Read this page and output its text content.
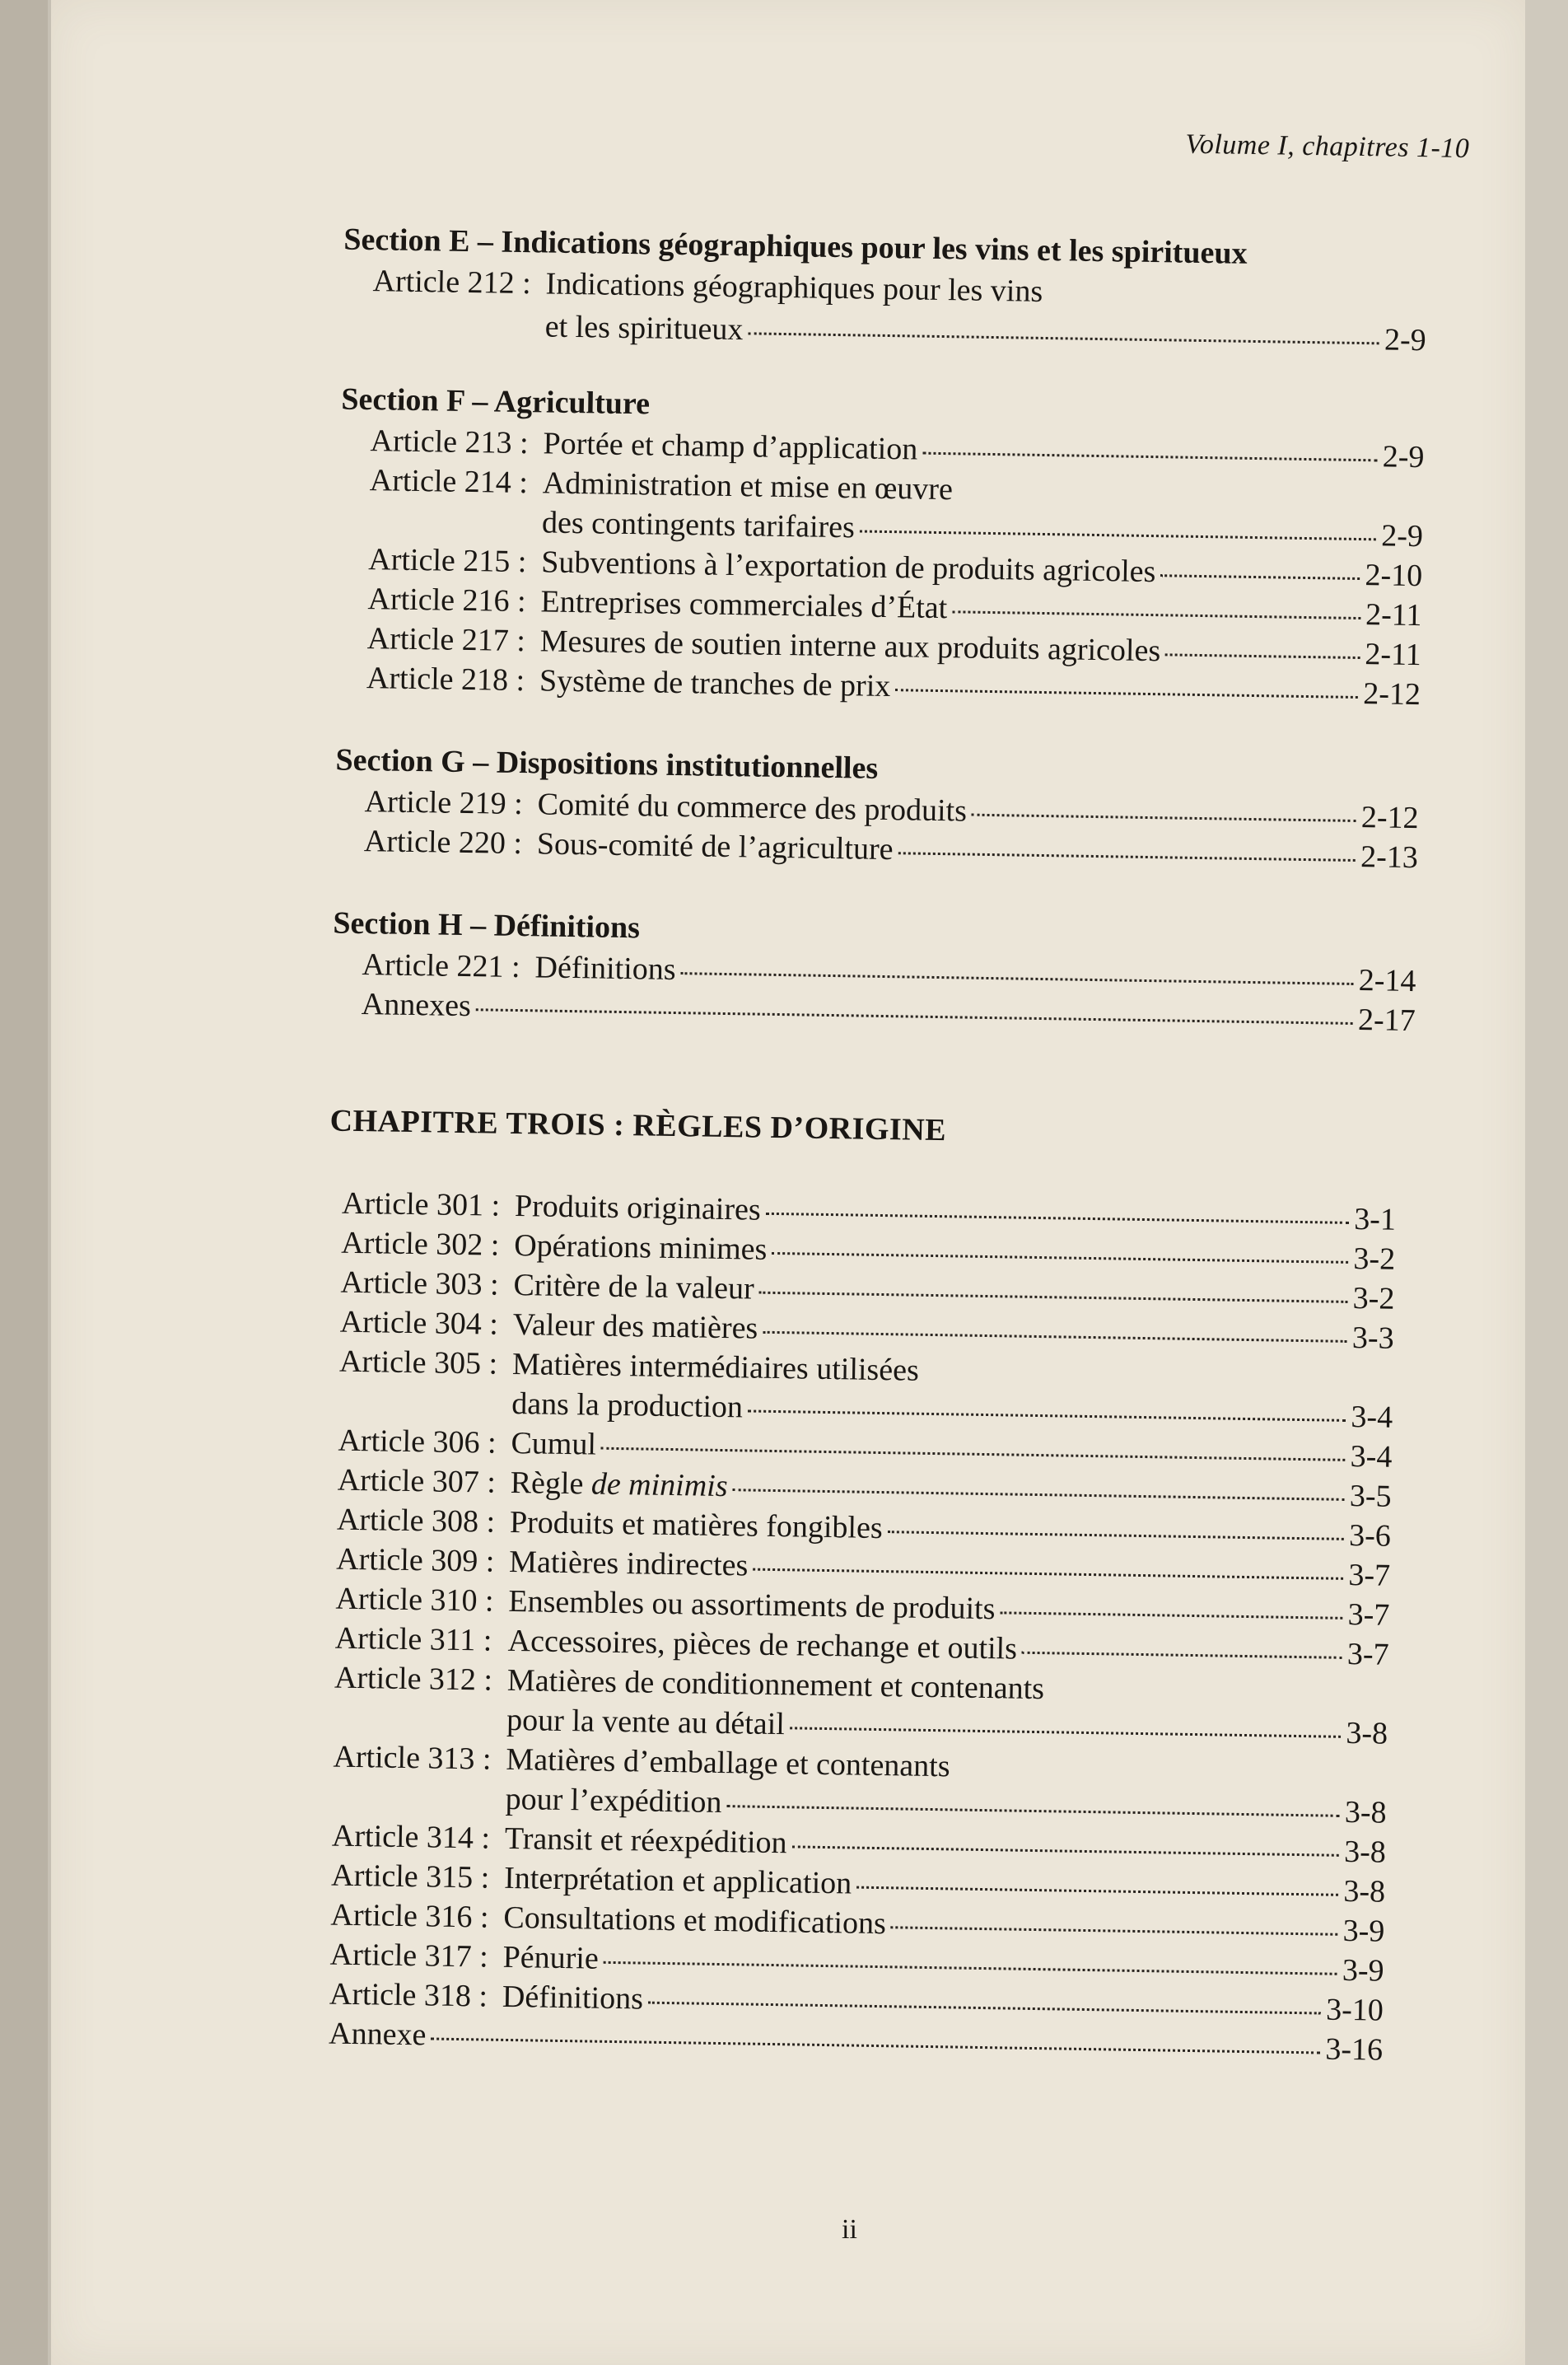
Volume I, chapitres 1-10
Section E – Indications géographiques pour les vins et les spiritueux
Article 212 : Indications géographiques pour les vins
et les spiritueux	2-9
Section F – Agriculture
Article 213 : Portée et champ d’application	2-9
Article 214 : Administration et mise en œuvre
des contingents tarifaires	2-9
Article 215 : Subventions à l’exportation de produits agricoles	2-10
Article 216 : Entreprises commerciales d’État	2-11
Article 217 : Mesures de soutien interne aux produits agricoles	2-11
Article 218 : Système de tranches de prix	2-12
Section G – Dispositions institutionnelles
Article 219 : Comité du commerce des produits	2-12
Article 220 : Sous-comité de l’agriculture	2-13
Section H – Définitions
Article 221 : Définitions	2-14
Annexes	2-17
CHAPITRE TROIS : RÈGLES D’ORIGINE
Article 301 : Produits originaires	3-1
Article 302 : Opérations minimes	3-2
Article 303 : Critère de la valeur	3-2
Article 304 : Valeur des matières	3-3
Article 305 : Matières intermédiaires utilisées
dans la production	3-4
Article 306 : Cumul	3-4
Article 307 : Règle de minimis	3-5
Article 308 : Produits et matières fongibles	3-6
Article 309 : Matières indirectes	3-7
Article 310 : Ensembles ou assortiments de produits	3-7
Article 311 : Accessoires, pièces de rechange et outils	3-7
Article 312 : Matières de conditionnement et contenants
pour la vente au détail	3-8
Article 313 : Matières d’emballage et contenants
pour l’expédition	3-8
Article 314 : Transit et réexpédition	3-8
Article 315 : Interprétation et application	3-8
Article 316 : Consultations et modifications	3-9
Article 317 : Pénurie	3-9
Article 318 : Définitions	3-10
Annexe	3-16
ii
